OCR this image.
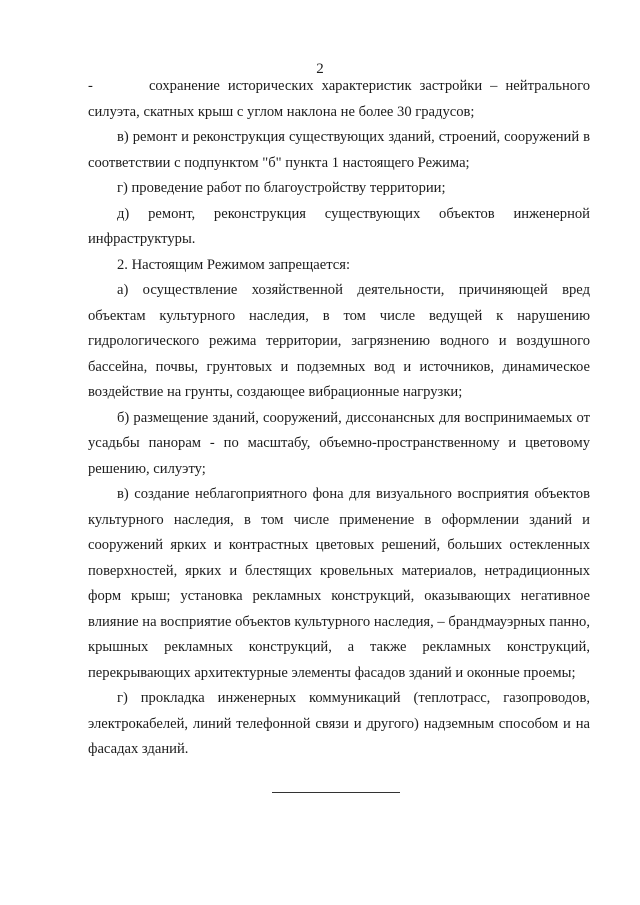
2

-       сохранение исторических характеристик застройки – нейтрального силуэта, скатных крыш с углом наклона не более 30 градусов;

в) ремонт и реконструкция существующих зданий, строений, сооружений в соответствии с подпунктом "б" пункта 1 настоящего Режима;

г) проведение работ по благоустройству территории;

д) ремонт, реконструкция существующих объектов инженерной инфраструктуры.

2. Настоящим Режимом запрещается:

а) осуществление хозяйственной деятельности, причиняющей вред объектам культурного наследия, в том числе ведущей к нарушению гидрологического режима территории, загрязнению водного и воздушного бассейна, почвы, грунтовых и подземных вод и источников, динамическое воздействие на грунты, создающее вибрационные нагрузки;

б) размещение зданий, сооружений, диссонансных для воспринимаемых от усадьбы панорам - по масштабу, объемно-пространственному и цветовому решению, силуэту;

в) создание неблагоприятного фона для визуального восприятия объектов культурного наследия, в том числе применение в оформлении зданий и сооружений ярких и контрастных цветовых решений, больших остекленных поверхностей, ярких и блестящих кровельных материалов, нетрадиционных форм крыш; установка рекламных конструкций, оказывающих негативное влияние на восприятие объектов культурного наследия, – брандмауэрных панно, крышных рекламных конструкций, а также рекламных конструкций, перекрывающих архитектурные элементы фасадов зданий и оконные проемы;

г) прокладка инженерных коммуникаций (теплотрасс, газопроводов, электрокабелей, линий телефонной связи и другого) надземным способом и на фасадах зданий.
